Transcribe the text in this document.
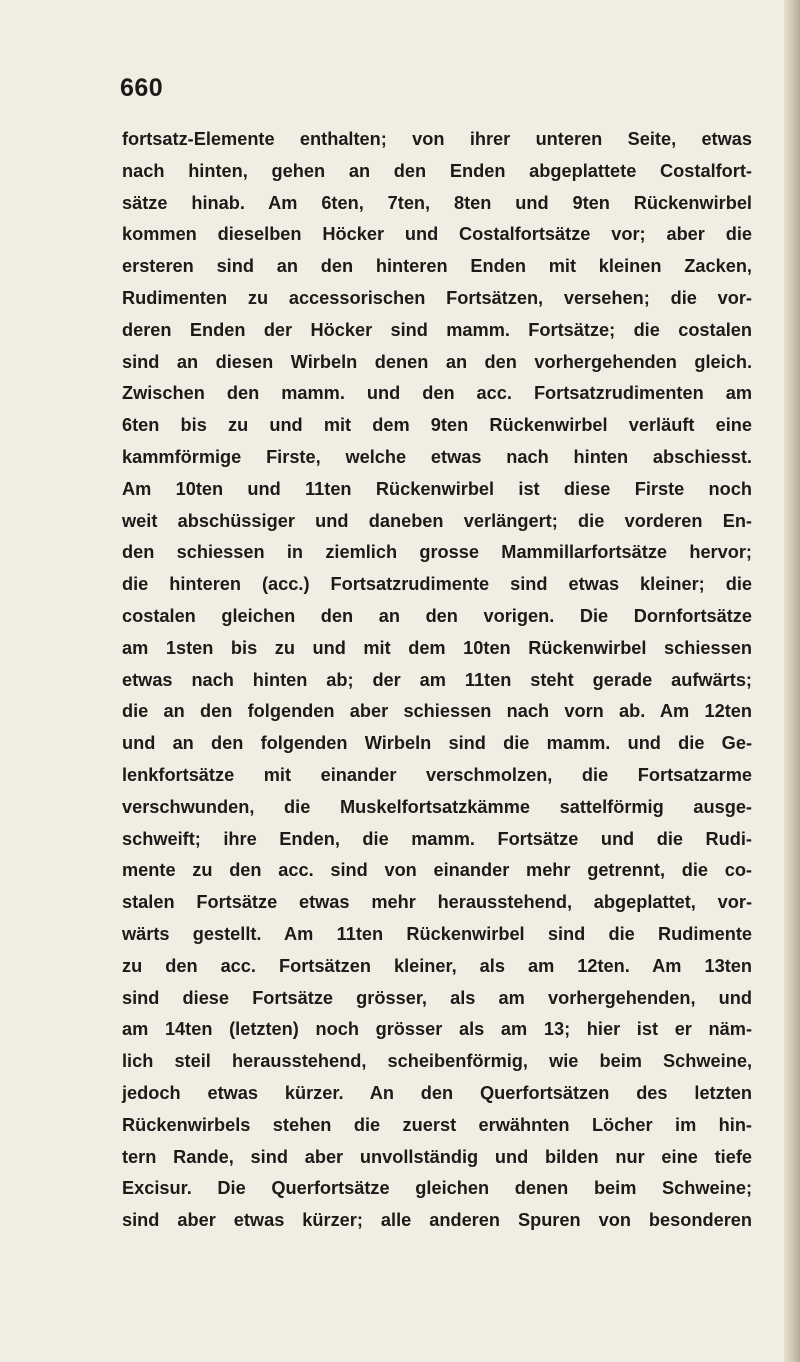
660

fortsatz-Elemente enthalten; von ihrer unteren Seite, etwas
nach hinten, gehen an den Enden abgeplattete Costalfort-
sätze hinab. Am 6ten, 7ten, 8ten und 9ten Rückenwirbel
kommen dieselben Höcker und Costalfortsätze vor; aber die
ersteren sind an den hinteren Enden mit kleinen Zacken,
Rudimenten zu accessorischen Fortsätzen, versehen; die vor-
deren Enden der Höcker sind mamm. Fortsätze; die costalen
sind an diesen Wirbeln denen an den vorhergehenden gleich.
Zwischen den mamm. und den acc. Fortsatzrudimenten am
6ten bis zu und mit dem 9ten Rückenwirbel verläuft eine
kammförmige Firste, welche etwas nach hinten abschiesst.
Am 10ten und 11ten Rückenwirbel ist diese Firste noch
weit abschüssiger und daneben verlängert; die vorderen En-
den schiessen in ziemlich grosse Mammillarfortsätze hervor;
die hinteren (acc.) Fortsatzrudimente sind etwas kleiner; die
costalen gleichen den an den vorigen. Die Dornfortsätze
am 1sten bis zu und mit dem 10ten Rückenwirbel schiessen
etwas nach hinten ab; der am 11ten steht gerade aufwärts;
die an den folgenden aber schiessen nach vorn ab. Am 12ten
und an den folgenden Wirbeln sind die mamm. und die Ge-
lenkfortsätze mit einander verschmolzen, die Fortsatzarme
verschwunden, die Muskelfortsatzkämme sattelförmig ausge-
schweift; ihre Enden, die mamm. Fortsätze und die Rudi-
mente zu den acc. sind von einander mehr getrennt, die co-
stalen Fortsätze etwas mehr herausstehend, abgeplattet, vor-
wärts gestellt. Am 11ten Rückenwirbel sind die Rudimente
zu den acc. Fortsätzen kleiner, als am 12ten. Am 13ten
sind diese Fortsätze grösser, als am vorhergehenden, und
am 14ten (letzten) noch grösser als am 13; hier ist er näm-
lich steil herausstehend, scheibenförmig, wie beim Schweine,
jedoch etwas kürzer. An den Querfortsätzen des letzten
Rückenwirbels stehen die zuerst erwähnten Löcher im hin-
tern Rande, sind aber unvollständig und bilden nur eine tiefe
Excisur. Die Querfortsätze gleichen denen beim Schweine;
sind aber etwas kürzer; alle anderen Spuren von besonderen
